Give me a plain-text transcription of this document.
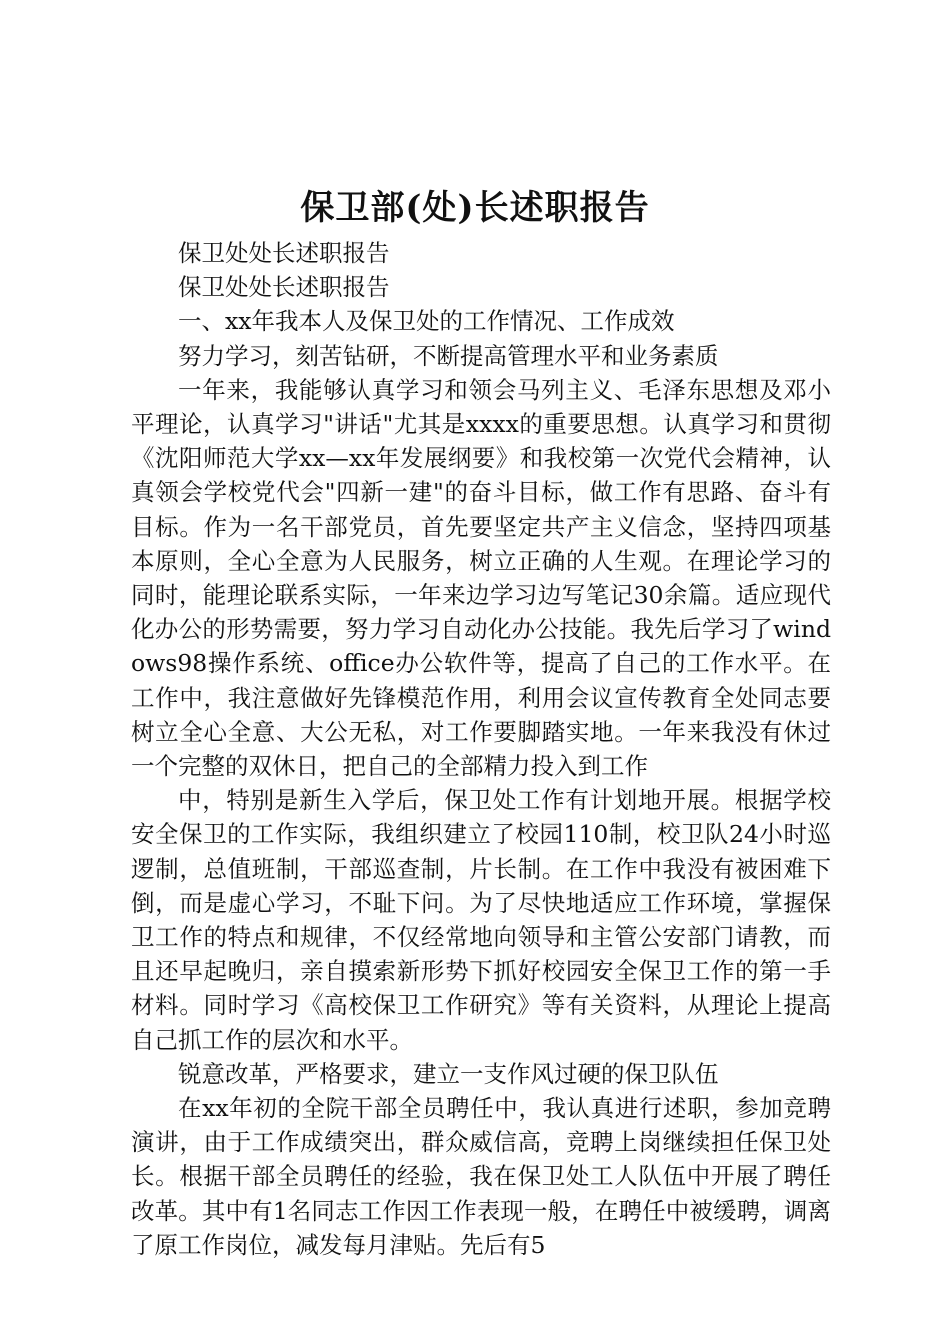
保卫部(处)长述职报告

保卫处处长述职报告

保卫处处长述职报告

一、xx年我本人及保卫处的工作情况、工作成效

努力学习，刻苦钻研，不断提高管理水平和业务素质

一年来，我能够认真学习和领会马列主义、毛泽东思想及邓小平理论，认真学习"讲话"尤其是xxxx的重要思想。认真学习和贯彻《沈阳师范大学xx—xx年发展纲要》和我校第一次党代会精神，认真领会学校党代会"四新一建"的奋斗目标，做工作有思路、奋斗有目标。作为一名干部党员，首先要坚定共产主义信念，坚持四项基本原则，全心全意为人民服务，树立正确的人生观。在理论学习的同时，能理论联系实际，一年来边学习边写笔记30余篇。适应现代化办公的形势需要，努力学习自动化办公技能。我先后学习了windows98操作系统、office办公软件等，提高了自己的工作水平。在工作中，我注意做好先锋模范作用，利用会议宣传教育全处同志要树立全心全意、大公无私，对工作要脚踏实地。一年来我没有休过一个完整的双休日，把自己的全部精力投入到工作

中，特别是新生入学后，保卫处工作有计划地开展。根据学校安全保卫的工作实际，我组织建立了校园110制，校卫队24小时巡逻制，总值班制，干部巡查制，片长制。在工作中我没有被困难下倒，而是虚心学习，不耻下问。为了尽快地适应工作环境，掌握保卫工作的特点和规律，不仅经常地向领导和主管公安部门请教，而且还早起晚归，亲自摸索新形势下抓好校园安全保卫工作的第一手材料。同时学习《高校保卫工作研究》等有关资料，从理论上提高自己抓工作的层次和水平。

锐意改革，严格要求，建立一支作风过硬的保卫队伍

在xx年初的全院干部全员聘任中，我认真进行述职，参加竞聘演讲，由于工作成绩突出，群众威信高，竞聘上岗继续担任保卫处长。根据干部全员聘任的经验，我在保卫处工人队伍中开展了聘任改革。其中有1名同志工作因工作表现一般，在聘任中被缓聘，调离了原工作岗位，减发每月津贴。先后有5
